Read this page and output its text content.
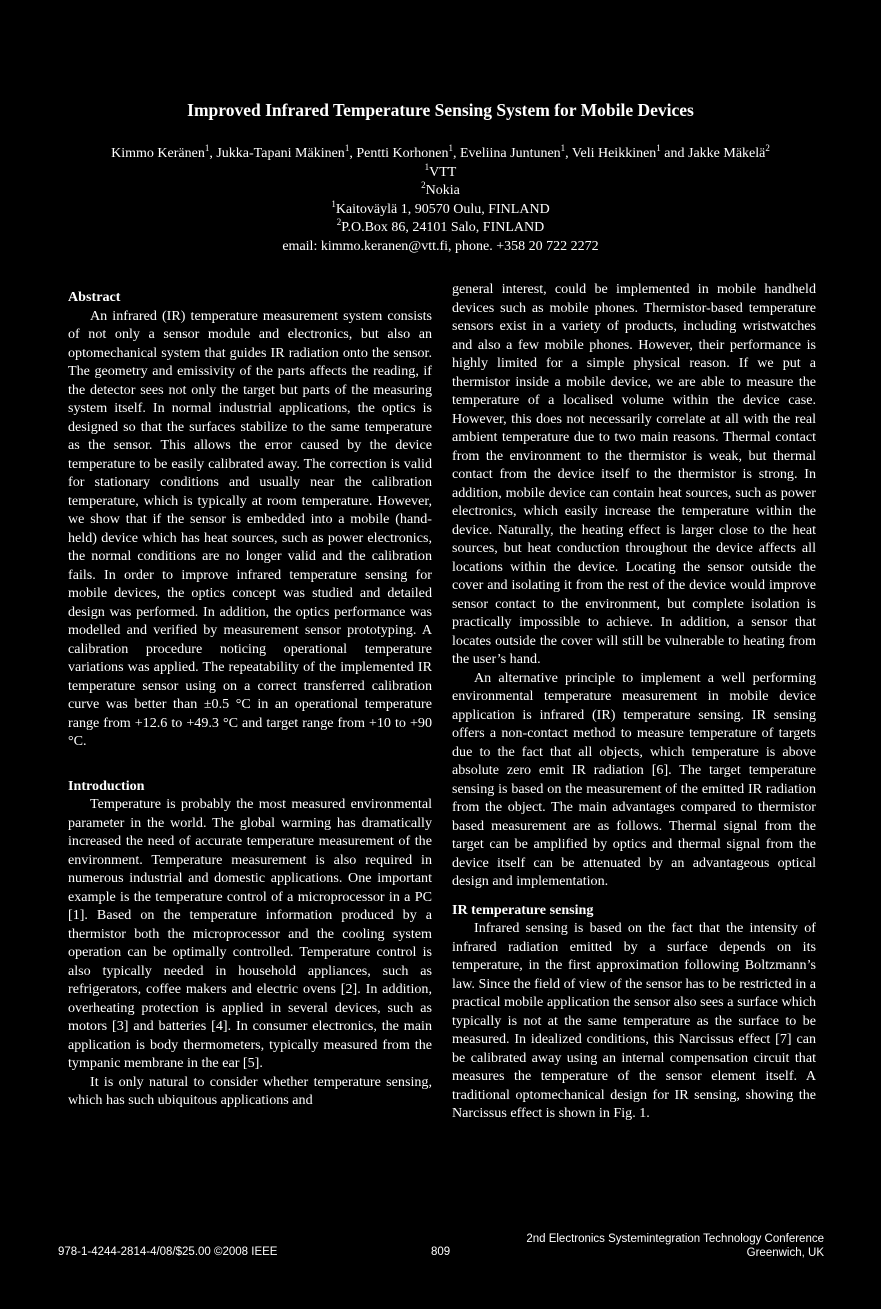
Improved Infrared Temperature Sensing System for Mobile Devices
Kimmo Keränen$^1$, Jukka-Tapani Mäkinen$^1$, Pentti Korhonen$^1$, Eveliina Juntunen$^1$, Veli Heikkinen$^1$ and Jakke Mäkelä$^2$
$^1$VTT
$^2$Nokia
$^1$Kaitoväylä 1, 90570 Oulu, FINLAND
$^2$P.O.Box 86, 24101 Salo, FINLAND
email: kimmo.keranen@vtt.fi, phone. +358 20 722 2272
Abstract

An infrared (IR) temperature measurement system consists of not only a sensor module and electronics, but also an optomechanical system that guides IR radiation onto the sensor. The geometry and emissivity of the parts affects the reading, if the detector sees not only the target but parts of the measuring system itself. In normal industrial applications, the optics is designed so that the surfaces stabilize to the same temperature as the sensor. This allows the error caused by the device temperature to be easily calibrated away. The correction is valid for stationary conditions and usually near the calibration temperature, which is typically at room temperature. However, we show that if the sensor is embedded into a mobile (hand-held) device which has heat sources, such as power electronics, the normal conditions are no longer valid and the calibration fails. In order to improve infrared temperature sensing for mobile devices, the optics concept was studied and detailed design was performed. In addition, the optics performance was modelled and verified by measurement sensor prototyping. A calibration procedure noticing operational temperature variations was applied. The repeatability of the implemented IR temperature sensor using on a correct transferred calibration curve was better than ±0.5 °C in an operational temperature range from +12.6 to +49.3 °C and target range from +10 to +90 °C.

Introduction

Temperature is probably the most measured environmental parameter in the world. The global warming has dramatically increased the need of accurate temperature measurement of the environment. Temperature measurement is also required in numerous industrial and domestic applications. One important example is the temperature control of a microprocessor in a PC [1]. Based on the temperature information produced by a thermistor both the microprocessor and the cooling system operation can be optimally controlled. Temperature control is also typically needed in household appliances, such as refrigerators, coffee makers and electric ovens [2]. In addition, overheating protection is applied in several devices, such as motors [3] and batteries [4]. In consumer electronics, the main application is body thermometers, typically measured from the tympanic membrane in the ear [5].

It is only natural to consider whether temperature sensing, which has such ubiquitous applications and

general interest, could be implemented in mobile handheld devices such as mobile phones. Thermistor-based temperature sensors exist in a variety of products, including wristwatches and also a few mobile phones. However, their performance is highly limited for a simple physical reason. If we put a thermistor inside a mobile device, we are able to measure the temperature of a localised volume within the device case. However, this does not necessarily correlate at all with the real ambient temperature due to two main reasons. Thermal contact from the environment to the thermistor is weak, but thermal contact from the device itself to the thermistor is strong. In addition, mobile device can contain heat sources, such as power electronics, which easily increase the temperature within the device. Naturally, the heating effect is larger close to the heat sources, but heat conduction throughout the device affects all locations within the device. Locating the sensor outside the cover and isolating it from the rest of the device would improve sensor contact to the environment, but complete isolation is practically impossible to achieve. In addition, a sensor that locates outside the cover will still be vulnerable to heating from the user’s hand.

An alternative principle to implement a well performing environmental temperature measurement in mobile device application is infrared (IR) temperature sensing. IR sensing offers a non-contact method to measure temperature of targets due to the fact that all objects, which temperature is above absolute zero emit IR radiation [6]. The target temperature sensing is based on the measurement of the emitted IR radiation from the object. The main advantages compared to thermistor based measurement are as follows. Thermal signal from the target can be amplified by optics and thermal signal from the device itself can be attenuated by an advantageous optical design and implementation.

IR temperature sensing

Infrared sensing is based on the fact that the intensity of infrared radiation emitted by a surface depends on its temperature, in the first approximation following Boltzmann’s law. Since the field of view of the sensor has to be restricted in a practical mobile application the sensor also sees a surface which typically is not at the same temperature as the surface to be measured. In idealized conditions, this Narcissus effect [7] can be calibrated away using an internal compensation circuit that measures the temperature of the sensor element itself. A traditional optomechanical design for IR sensing, showing the Narcissus effect is shown in Fig. 1.

978-1-4244-2814-4/08/$25.00 ©2008 IEEE	809
2nd Electronics Systemintegration Technology Conference
Greenwich, UK
